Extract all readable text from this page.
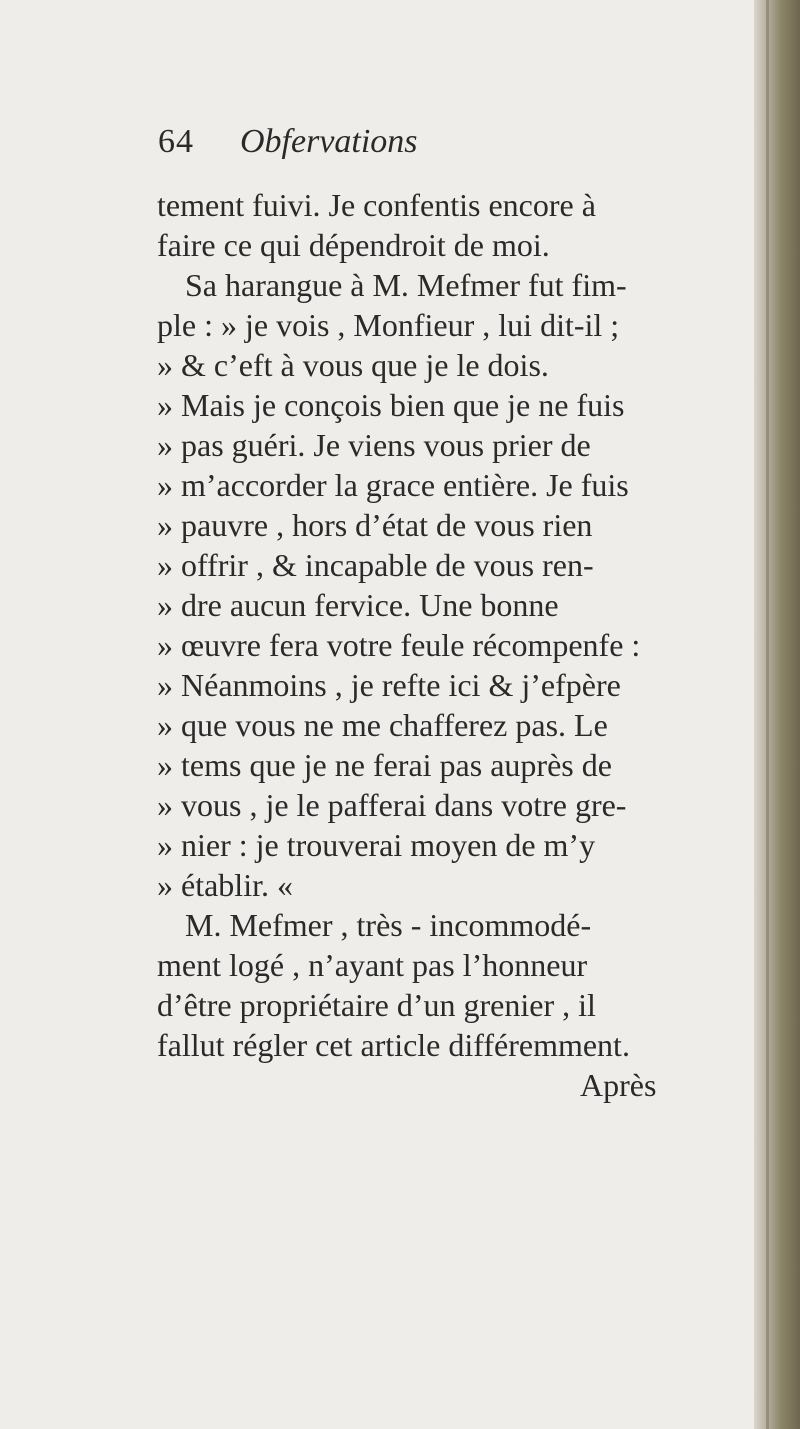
64 Obfervations
tement fuivi. Je confentis encore à
faire ce qui dépendroit de moi.
Sa harangue à M. Mefmer fut fim-
ple : » je vois , Monfieur , lui dit-il ;
» & c’eft à vous que je le dois.
» Mais je conçois bien que je ne fuis
» pas guéri. Je viens vous prier de
» m’accorder la grace entière. Je fuis
» pauvre , hors d’état de vous rien
» offrir , & incapable de vous ren-
» dre aucun fervice. Une bonne
» œuvre fera votre feule récompenfe :
» Néanmoins , je refte ici & j’efpère
» que vous ne me chafferez pas. Le
» tems que je ne ferai pas auprès de
» vous , je le pafferai dans votre gre-
» nier : je trouverai moyen de m’y
» établir. «
M. Mefmer , très - incommodé-
ment logé , n’ayant pas l’honneur
d’être propriétaire d’un grenier , il
fallut régler cet article différemment.
Après
